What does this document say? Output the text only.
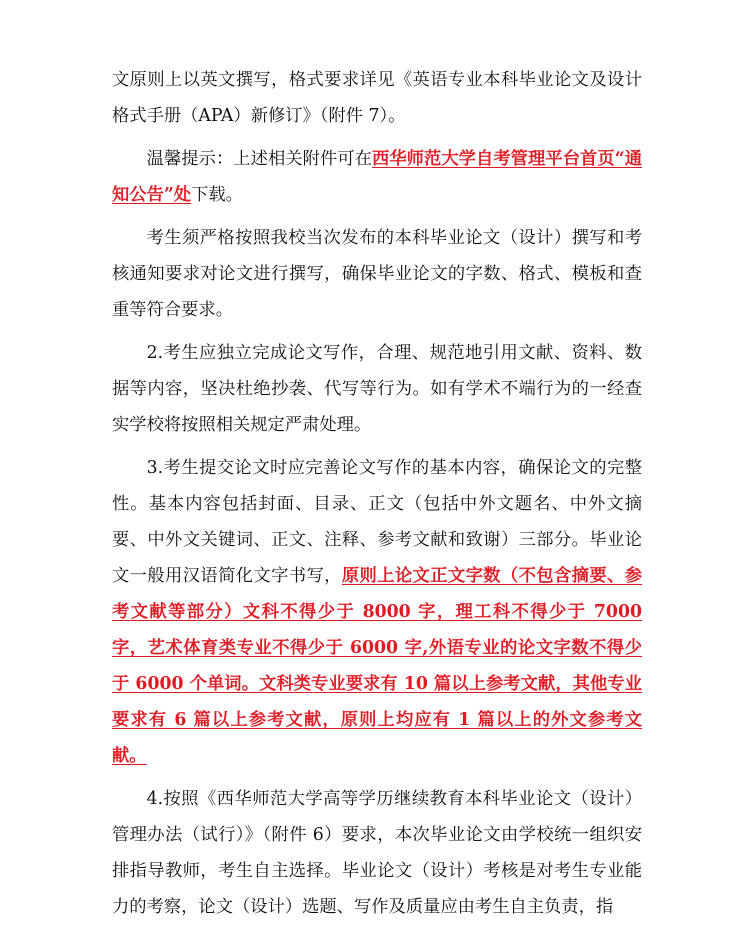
文原则上以英文撰写，格式要求详见《英语专业本科毕业论文及设计格式手册（APA）新修订》（附件 7）。

温馨提示：上述相关附件可在西华师范大学自考管理平台首页“通知公告”处下载。

考生须严格按照我校当次发布的本科毕业论文（设计）撰写和考核通知要求对论文进行撰写，确保毕业论文的字数、格式、模板和查重等符合要求。

2.考生应独立完成论文写作，合理、规范地引用文献、资料、数据等内容，坚决杜绝抄袭、代写等行为。如有学术不端行为的一经查实学校将按照相关规定严肃处理。

3.考生提交论文时应完善论文写作的基本内容，确保论文的完整性。基本内容包括封面、目录、正文（包括中外文题名、中外文摘要、中外文关键词、正文、注释、参考文献和致谢）三部分。毕业论文一般用汉语简化文字书写，原则上论文正文字数（不包含摘要、参考文献等部分）文科不得少于 8000 字，理工科不得少于 7000 字，艺术体育类专业不得少于 6000 字,外语专业的论文字数不得少于 6000 个单词。文科类专业要求有 10 篇以上参考文献，其他专业要求有 6 篇以上参考文献，原则上均应有 1 篇以上的外文参考文献。

4.按照《西华师范大学高等学历继续教育本科毕业论文（设计）管理办法（试行）》（附件 6）要求，本次毕业论文由学校统一组织安排指导教师，考生自主选择。毕业论文（设计）考核是对考生专业能力的考察，论文（设计）选题、写作及质量应由考生自主负责，指
